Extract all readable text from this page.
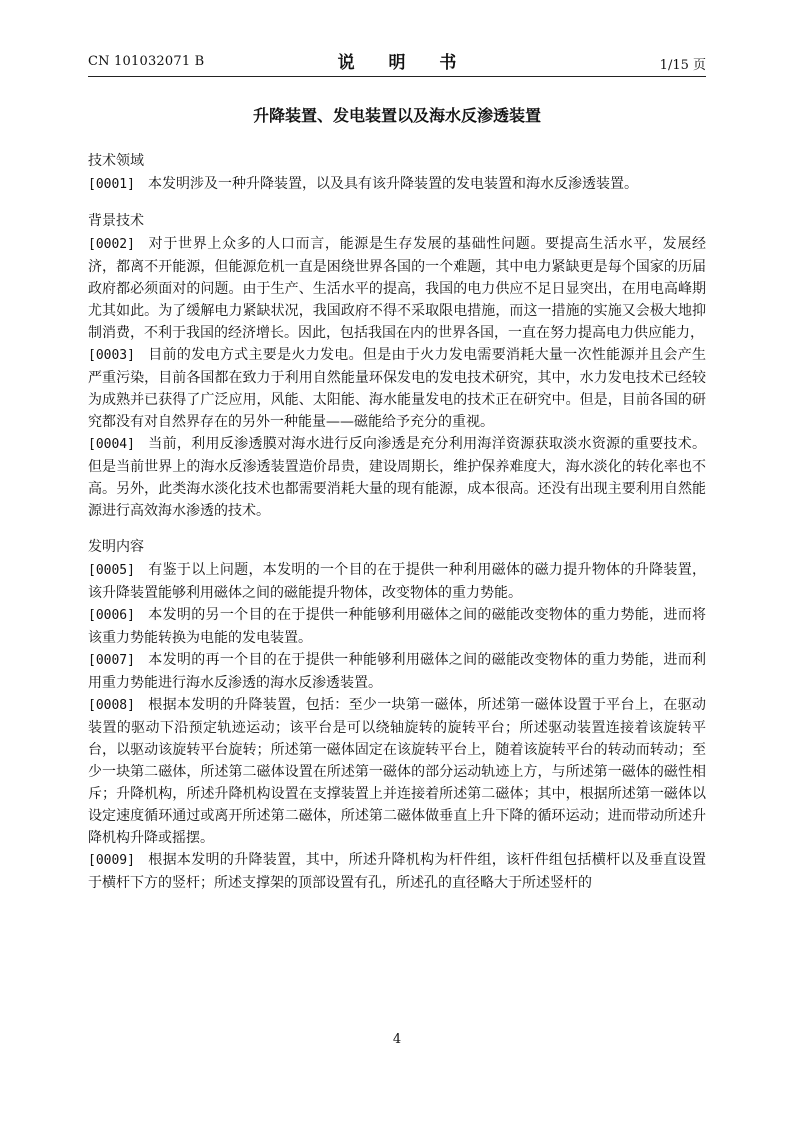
CN 101032071 B	说 明 书	1/15 页
升降装置、发电装置以及海水反渗透装置
技术领域

[0001] 本发明涉及一种升降装置，以及具有该升降装置的发电装置和海水反渗透装置。

背景技术

[0002] 对于世界上众多的人口而言，能源是生存发展的基础性问题。要提高生活水平，发展经济，都离不开能源，但能源危机一直是困绕世界各国的一个难题，其中电力紧缺更是每个国家的历届政府都必须面对的问题。由于生产、生活水平的提高，我国的电力供应不足日显突出，在用电高峰期尤其如此。为了缓解电力紧缺状况，我国政府不得不采取限电措施，而这一措施的实施又会极大地抑制消费，不利于我国的经济增长。因此，包括我国在内的世界各国，一直在努力提高电力供应能力，

[0003] 目前的发电方式主要是火力发电。但是由于火力发电需要消耗大量一次性能源并且会产生严重污染，目前各国都在致力于利用自然能量环保发电的发电技术研究，其中，水力发电技术已经较为成熟并已获得了广泛应用，风能、太阳能、海水能量发电的技术正在研究中。但是，目前各国的研究都没有对自然界存在的另外一种能量——磁能给予充分的重视。

[0004] 当前，利用反渗透膜对海水进行反向渗透是充分利用海洋资源获取淡水资源的重要技术。但是当前世界上的海水反渗透装置造价昂贵，建设周期长，维护保养难度大，海水淡化的转化率也不高。另外，此类海水淡化技术也都需要消耗大量的现有能源，成本很高。还没有出现主要利用自然能源进行高效海水渗透的技术。

发明内容

[0005] 有鉴于以上问题，本发明的一个目的在于提供一种利用磁体的磁力提升物体的升降装置，该升降装置能够利用磁体之间的磁能提升物体，改变物体的重力势能。

[0006] 本发明的另一个目的在于提供一种能够利用磁体之间的磁能改变物体的重力势能，进而将该重力势能转换为电能的发电装置。

[0007] 本发明的再一个目的在于提供一种能够利用磁体之间的磁能改变物体的重力势能，进而利用重力势能进行海水反渗透的海水反渗透装置。

[0008] 根据本发明的升降装置，包括：至少一块第一磁体，所述第一磁体设置于平台上，在驱动装置的驱动下沿预定轨迹运动；该平台是可以绕轴旋转的旋转平台；所述驱动装置连接着该旋转平台，以驱动该旋转平台旋转；所述第一磁体固定在该旋转平台上，随着该旋转平台的转动而转动；至少一块第二磁体，所述第二磁体设置在所述第一磁体的部分运动轨迹上方，与所述第一磁体的磁性相斥；升降机构，所述升降机构设置在支撑装置上并连接着所述第二磁体；其中，根据所述第一磁体以设定速度循环通过或离开所述第二磁体，所述第二磁体做垂直上升下降的循环运动；进而带动所述升降机构升降或摇摆。

[0009] 根据本发明的升降装置，其中，所述升降机构为杆件组，该杆件组包括横杆以及垂直设置于横杆下方的竖杆；所述支撑架的顶部设置有孔，所述孔的直径略大于所述竖杆的

4
